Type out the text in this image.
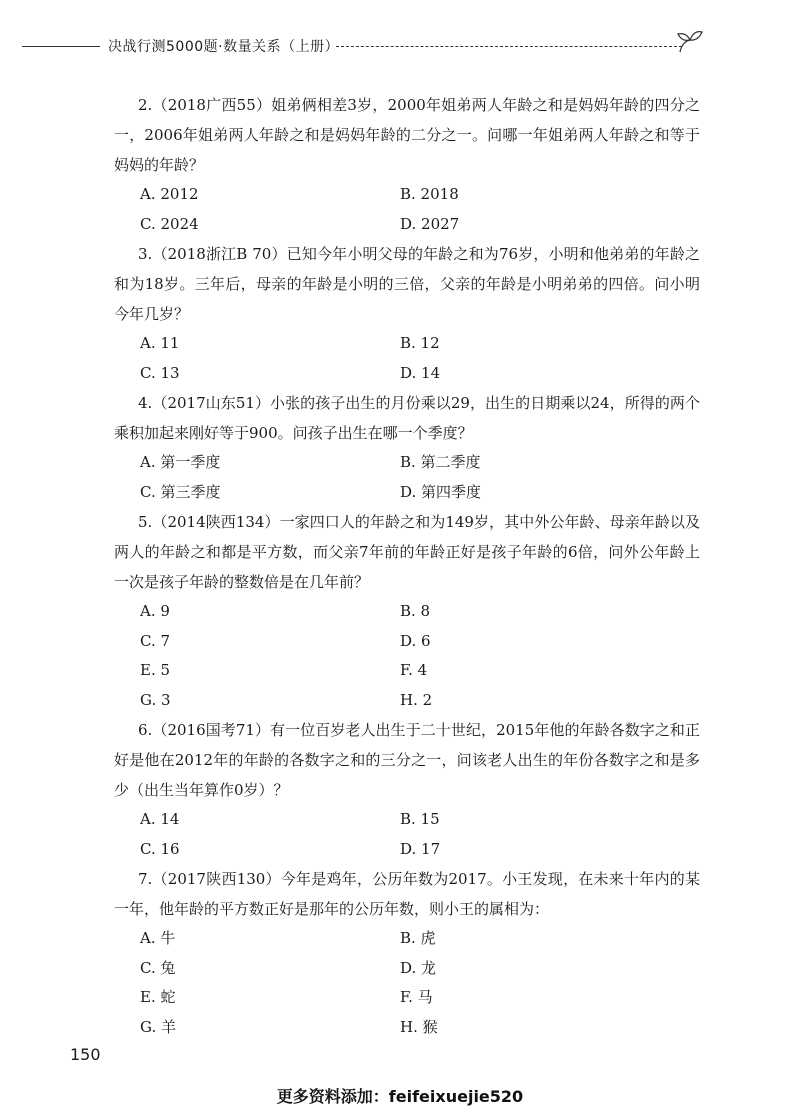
决战行测5000题·数量关系（上册）

2.（2018广西55）姐弟俩相差3岁，2000年姐弟两人年龄之和是妈妈年龄的四分之一，2006年姐弟两人年龄之和是妈妈年龄的二分之一。问哪一年姐弟两人年龄之和等于妈妈的年龄？

A. 2012	B. 2018
C. 2024	D. 2027

3.（2018浙江B 70）已知今年小明父母的年龄之和为76岁，小明和他弟弟的年龄之和为18岁。三年后，母亲的年龄是小明的三倍，父亲的年龄是小明弟弟的四倍。问小明今年几岁？

A. 11	B. 12
C. 13	D. 14

4.（2017山东51）小张的孩子出生的月份乘以29，出生的日期乘以24，所得的两个乘积加起来刚好等于900。问孩子出生在哪一个季度？

A. 第一季度	B. 第二季度
C. 第三季度	D. 第四季度

5.（2014陕西134）一家四口人的年龄之和为149岁，其中外公年龄、母亲年龄以及两人的年龄之和都是平方数，而父亲7年前的年龄正好是孩子年龄的6倍，问外公年龄上一次是孩子年龄的整数倍是在几年前？

A. 9	B. 8
C. 7	D. 6
E. 5	F. 4
G. 3	H. 2

6.（2016国考71）有一位百岁老人出生于二十世纪，2015年他的年龄各数字之和正好是他在2012年的年龄的各数字之和的三分之一，问该老人出生的年份各数字之和是多少（出生当年算作0岁）？

A. 14	B. 15
C. 16	D. 17

7.（2017陕西130）今年是鸡年，公历年数为2017。小王发现，在未来十年内的某一年，他年龄的平方数正好是那年的公历年数，则小王的属相为：

A. 牛	B. 虎
C. 兔	D. 龙
E. 蛇	F. 马
G. 羊	H. 猴
150
更多资料添加：feifeixuejie520
